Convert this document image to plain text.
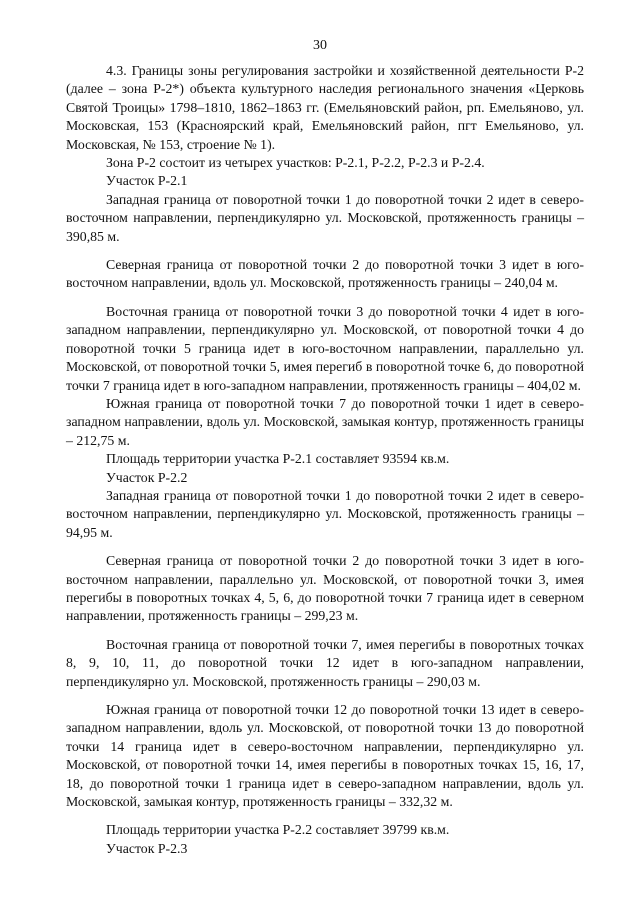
30

4.3. Границы зоны регулирования застройки и хозяйственной деятельности Р-2 (далее – зона Р-2*) объекта культурного наследия регионального значения «Церковь Святой Троицы» 1798–1810, 1862–1863 гг. (Емельяновский район, рп. Емельяново, ул. Московская, 153 (Красноярский край, Емельяновский район, пгт Емельяново, ул. Московская, № 153, строение № 1).

Зона Р-2 состоит из четырех участков: Р-2.1, Р-2.2, Р-2.3 и Р-2.4.

Участок Р-2.1

Западная граница от поворотной точки 1 до поворотной точки 2 идет в северо-восточном направлении, перпендикулярно ул. Московской, протяженность границы – 390,85 м.

Северная граница от поворотной точки 2 до поворотной точки 3 идет в юго-восточном направлении, вдоль ул. Московской, протяженность границы – 240,04 м.

Восточная граница от поворотной точки 3 до поворотной точки 4 идет в юго-западном направлении, перпендикулярно ул. Московской, от поворотной точки 4 до поворотной точки 5 граница идет в юго-восточном направлении, параллельно ул. Московской, от поворотной точки 5, имея перегиб в поворотной точке 6, до поворотной точки 7 граница идет в юго-западном направлении, протяженность границы – 404,02 м.

Южная граница от поворотной точки 7 до поворотной точки 1 идет в северо-западном направлении, вдоль ул. Московской, замыкая контур, протяженность границы – 212,75 м.

Площадь территории участка Р-2.1 составляет 93594 кв.м.

Участок Р-2.2

Западная граница от поворотной точки 1 до поворотной точки 2 идет в северо-восточном направлении, перпендикулярно ул. Московской, протяженность границы – 94,95 м.

Северная граница от поворотной точки 2 до поворотной точки 3 идет в юго-восточном направлении, параллельно ул. Московской, от поворотной точки 3, имея перегибы в поворотных точках 4, 5, 6, до поворотной точки 7 граница идет в северном направлении, протяженность границы – 299,23 м.

Восточная граница от поворотной точки 7, имея перегибы в поворотных точках 8, 9, 10, 11, до поворотной точки 12 идет в юго-западном направлении, перпендикулярно ул. Московской, протяженность границы – 290,03 м.

Южная граница от поворотной точки 12 до поворотной точки 13 идет в северо-западном направлении, вдоль ул. Московской, от поворотной точки 13 до поворотной точки 14 граница идет в северо-восточном направлении, перпендикулярно ул. Московской, от поворотной точки 14, имея перегибы в поворотных точках 15, 16, 17, 18, до поворотной точки 1 граница идет в северо-западном направлении, вдоль ул. Московской, замыкая контур, протяженность границы – 332,32 м.

Площадь территории участка Р-2.2 составляет 39799 кв.м.

Участок Р-2.3
